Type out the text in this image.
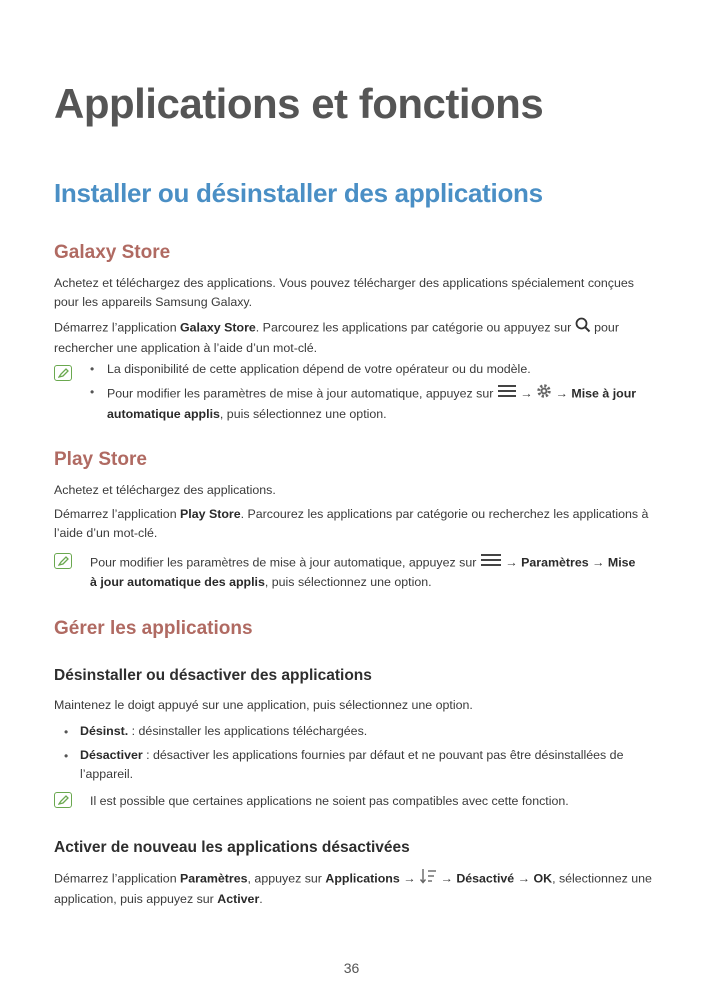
Applications et fonctions
Installer ou désinstaller des applications
Galaxy Store
Achetez et téléchargez des applications. Vous pouvez télécharger des applications spécialement conçues pour les appareils Samsung Galaxy.
Démarrez l’application Galaxy Store. Parcourez les applications par catégorie ou appuyez sur  pour rechercher une application à l’aide d’un mot-clé.
• La disponibilité de cette application dépend de votre opérateur ou du modèle.
• Pour modifier les paramètres de mise à jour automatique, appuyez sur  →  → Mise à jour automatique applis, puis sélectionnez une option.
Play Store
Achetez et téléchargez des applications.
Démarrez l’application Play Store. Parcourez les applications par catégorie ou recherchez les applications à l’aide d’un mot-clé.
Pour modifier les paramètres de mise à jour automatique, appuyez sur  → Paramètres → Mise à jour automatique des applis, puis sélectionnez une option.
Gérer les applications
Désinstaller ou désactiver des applications
Maintenez le doigt appuyé sur une application, puis sélectionnez une option.
• Désinst. : désinstaller les applications téléchargées.
• Désactiver : désactiver les applications fournies par défaut et ne pouvant pas être désinstallées de l’appareil.
Il est possible que certaines applications ne soient pas compatibles avec cette fonction.
Activer de nouveau les applications désactivées
Démarrez l’application Paramètres, appuyez sur Applications →  → Désactivé → OK, sélectionnez une application, puis appuyez sur Activer.
36
